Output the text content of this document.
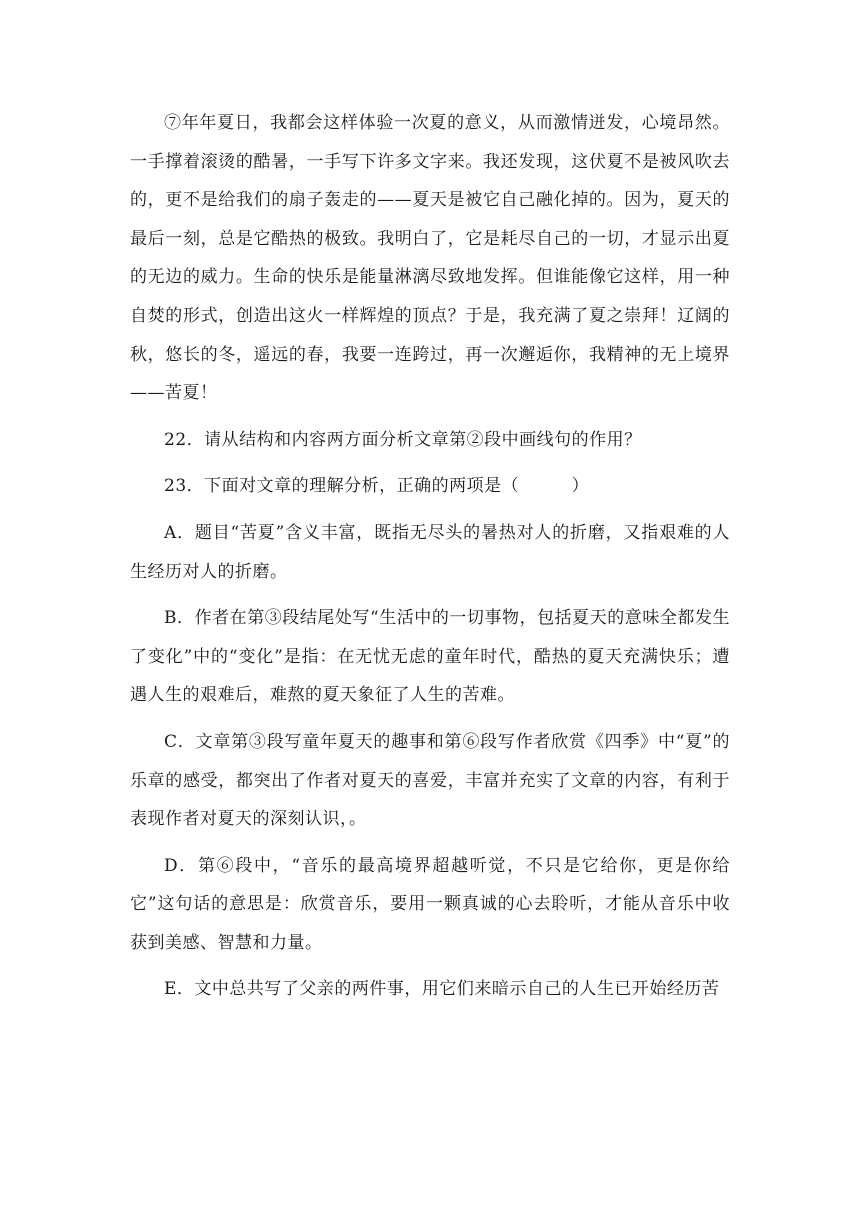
⑦年年夏日，我都会这样体验一次夏的意义，从而激情迸发，心境昂然。一手撑着滚烫的酷暑，一手写下许多文字来。我还发现，这伏夏不是被风吹去的，更不是给我们的扇子轰走的——夏天是被它自己融化掉的。因为，夏天的最后一刻，总是它酷热的极致。我明白了，它是耗尽自己的一切，才显示出夏的无边的威力。生命的快乐是能量淋漓尽致地发挥。但谁能像它这样，用一种自焚的形式，创造出这火一样辉煌的顶点？于是，我充满了夏之崇拜！辽阔的秋，悠长的冬，遥远的春，我要一连跨过，再一次邂逅你，我精神的无上境界——苦夏！

22．请从结构和内容两方面分析文章第②段中画线句的作用？

23．下面对文章的理解分析，正确的两项是（　　　）

A．题目“苦夏”含义丰富，既指无尽头的暑热对人的折磨，又指艰难的人生经历对人的折磨。

B．作者在第③段结尾处写“生活中的一切事物，包括夏天的意味全都发生了变化”中的“变化”是指：在无忧无虑的童年时代，酷热的夏天充满快乐；遭遇人生的艰难后，难熬的夏天象征了人生的苦难。

C．文章第③段写童年夏天的趣事和第⑥段写作者欣赏《四季》中“夏”的乐章的感受，都突出了作者对夏天的喜爱，丰富并充实了文章的内容，有利于表现作者对夏天的深刻认识，。

D．第⑥段中，“音乐的最高境界超越听觉，不只是它给你，更是你给它”这句话的意思是：欣赏音乐，要用一颗真诚的心去聆听，才能从音乐中收获到美感、智慧和力量。

E．文中总共写了父亲的两件事，用它们来暗示自己的人生已开始经历苦
